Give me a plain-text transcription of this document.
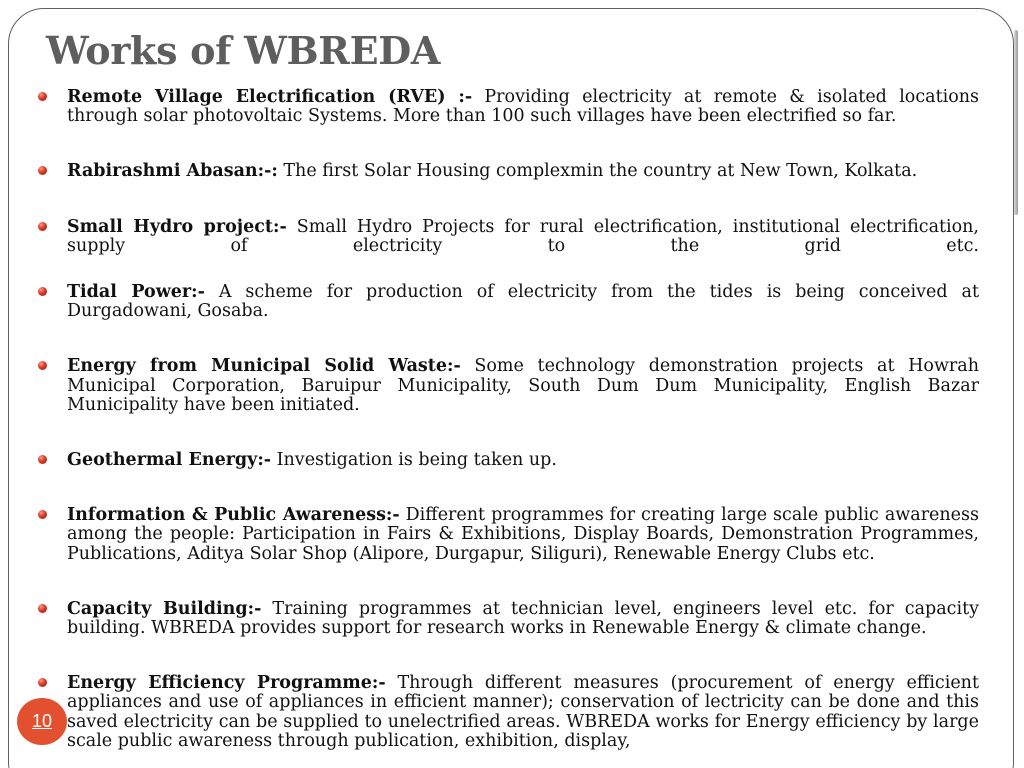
Works of WBREDA
Remote Village Electrification (RVE) :- Providing electricity at remote & isolated locations through solar photovoltaic Systems. More than 100 such villages have been electrified so far.
Rabirashmi Abasan:-: The first Solar Housing complexmin the country at New Town, Kolkata.
Small Hydro project:- Small Hydro Projects for rural electrification, institutional electrification, supply of electricity to the grid etc.
Tidal Power:- A scheme for production of electricity from the tides is being conceived at Durgadowani, Gosaba.
Energy from Municipal Solid Waste:- Some technology demonstration projects at Howrah Municipal Corporation, Baruipur Municipality, South Dum Dum Municipality, English Bazar Municipality have been initiated.
Geothermal Energy:- Investigation is being taken up.
Information & Public Awareness:- Different programmes for creating large scale public awareness among the people: Participation in Fairs & Exhibitions, Display Boards, Demonstration Programmes, Publications, Aditya Solar Shop (Alipore, Durgapur, Siliguri), Renewable Energy Clubs etc.
Capacity Building:- Training programmes at technician level, engineers level etc. for capacity building. WBREDA provides support for research works in Renewable Energy & climate change.
Energy Efficiency Programme:- Through different measures (procurement of energy efficient appliances and use of appliances in efficient manner); conservation of lectricity can be done and this saved electricity can be supplied to unelectrified areas. WBREDA works for Energy efficiency by large scale public awareness through publication, exhibition, display,
10
